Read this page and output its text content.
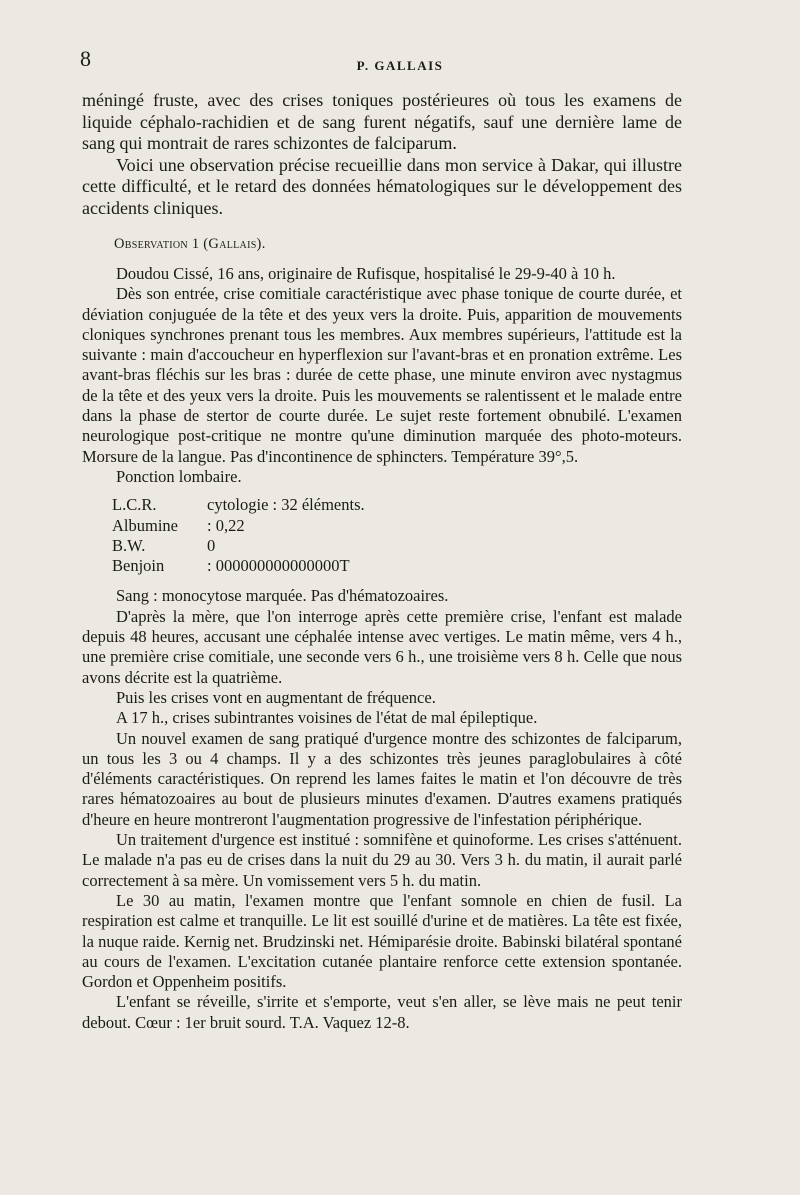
8	P. GALLAIS

méningé fruste, avec des crises toniques postérieures où tous les examens de liquide céphalo-rachidien et de sang furent négatifs, sauf une dernière lame de sang qui montrait de rares schizontes de falciparum.

Voici une observation précise recueillie dans mon service à Dakar, qui illustre cette difficulté, et le retard des données hématologiques sur le développement des accidents cliniques.

Observation 1 (Gallais).

Doudou Cissé, 16 ans, originaire de Rufisque, hospitalisé le 29-9-40 à 10 h.

Dès son entrée, crise comitiale caractéristique avec phase tonique de courte durée, et déviation conjuguée de la tête et des yeux vers la droite. Puis, apparition de mouvements cloniques synchrones prenant tous les membres. Aux membres supérieurs, l'attitude est la suivante : main d'accoucheur en hyperflexion sur l'avant-bras et en pronation extrême. Les avant-bras fléchis sur les bras : durée de cette phase, une minute environ avec nystagmus de la tête et des yeux vers la droite. Puis les mouvements se ralentissent et le malade entre dans la phase de stertor de courte durée. Le sujet reste fortement obnubilé. L'examen neurologique post-critique ne montre qu'une diminution marquée des photo-moteurs. Morsure de la langue. Pas d'incontinence de sphincters. Température 39°,5.

Ponction lombaire.

L.C.R.	cytologie : 32 éléments.
Albumine	: 0,22
B.W.	0
Benjoin	: 000000000000000T

Sang : monocytose marquée. Pas d'hématozoaires.

D'après la mère, que l'on interroge après cette première crise, l'enfant est malade depuis 48 heures, accusant une céphalée intense avec vertiges. Le matin même, vers 4 h., une première crise comitiale, une seconde vers 6 h., une troisième vers 8 h. Celle que nous avons décrite est la quatrième.

Puis les crises vont en augmentant de fréquence.

A 17 h., crises subintrantes voisines de l'état de mal épileptique.

Un nouvel examen de sang pratiqué d'urgence montre des schizontes de falciparum, un tous les 3 ou 4 champs. Il y a des schizontes très jeunes paraglobulaires à côté d'éléments caractéristiques. On reprend les lames faites le matin et l'on découvre de très rares hématozoaires au bout de plusieurs minutes d'examen. D'autres examens pratiqués d'heure en heure montreront l'augmentation progressive de l'infestation périphérique.

Un traitement d'urgence est institué : somnifène et quinoforme. Les crises s'atténuent. Le malade n'a pas eu de crises dans la nuit du 29 au 30. Vers 3 h. du matin, il aurait parlé correctement à sa mère. Un vomissement vers 5 h. du matin.

Le 30 au matin, l'examen montre que l'enfant somnole en chien de fusil. La respiration est calme et tranquille. Le lit est souillé d'urine et de matières. La tête est fixée, la nuque raide. Kernig net. Brudzinski net. Hémiparésie droite. Babinski bilatéral spontané au cours de l'examen. L'excitation cutanée plantaire renforce cette extension spontanée. Gordon et Oppenheim positifs.

L'enfant se réveille, s'irrite et s'emporte, veut s'en aller, se lève mais ne peut tenir debout. Cœur : 1er bruit sourd. T.A. Vaquez 12-8.
